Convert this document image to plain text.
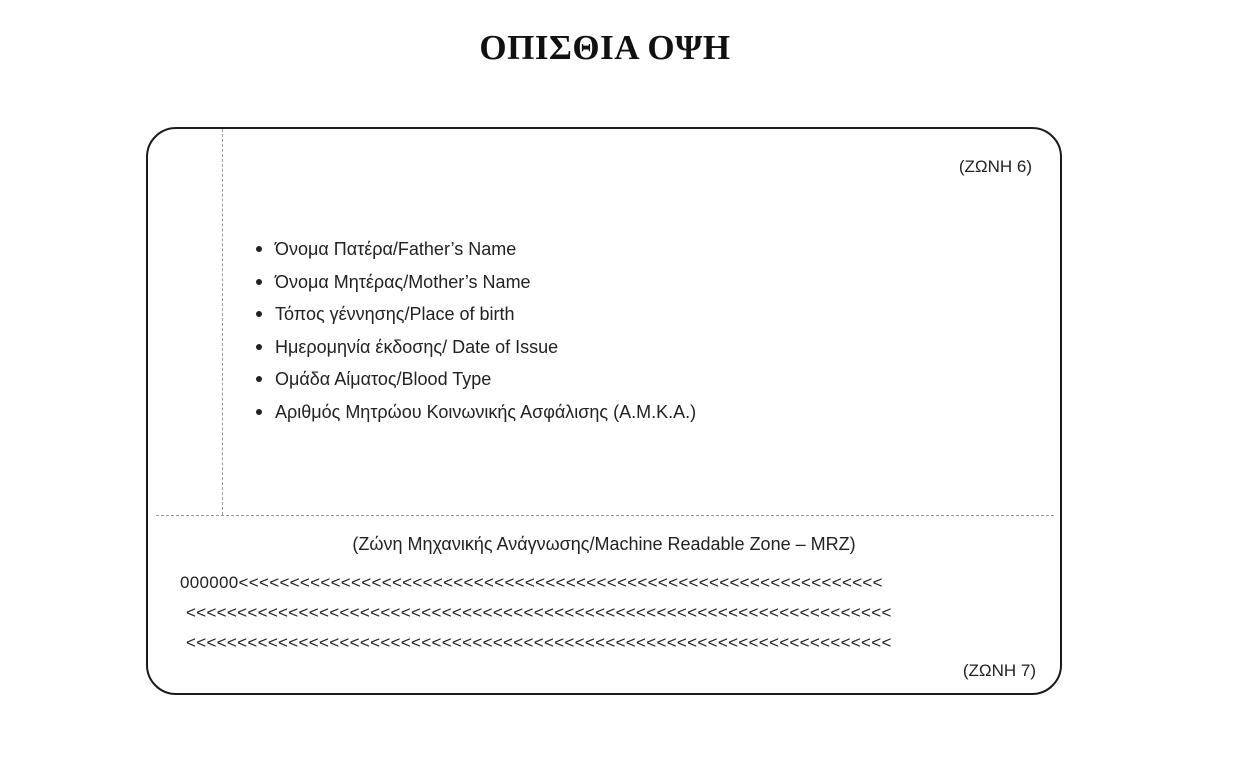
ΟΠΙΣΘΙΑ ΟΨΗ
(ΖΩΝΗ 6)
Όνομα Πατέρα/Father’s Name
Όνομα Μητέρας/Mother’s Name
Τόπος γέννησης/Place of birth
Ημερομηνία έκδοσης/ Date of Issue
Ομάδα Αίματος/Blood Type
Αριθμός Μητρώου Κοινωνικής Ασφάλισης (Α.Μ.Κ.Α.)
(Ζώνη Μηχανικής Ανάγνωσης/Machine Readable Zone – MRZ)
000000<<<<<<<<<<<<<<<<<<<<<<<<<<<<<<<<<<<<<<<<<<<<<<<<<<<<<<<<<<<<<<<
<<<<<<<<<<<<<<<<<<<<<<<<<<<<<<<<<<<<<<<<<<<<<<<<<<<<<<<<<<<<<<<<<<<<<
<<<<<<<<<<<<<<<<<<<<<<<<<<<<<<<<<<<<<<<<<<<<<<<<<<<<<<<<<<<<<<<<<<<<<
(ΖΩΝΗ 7)
